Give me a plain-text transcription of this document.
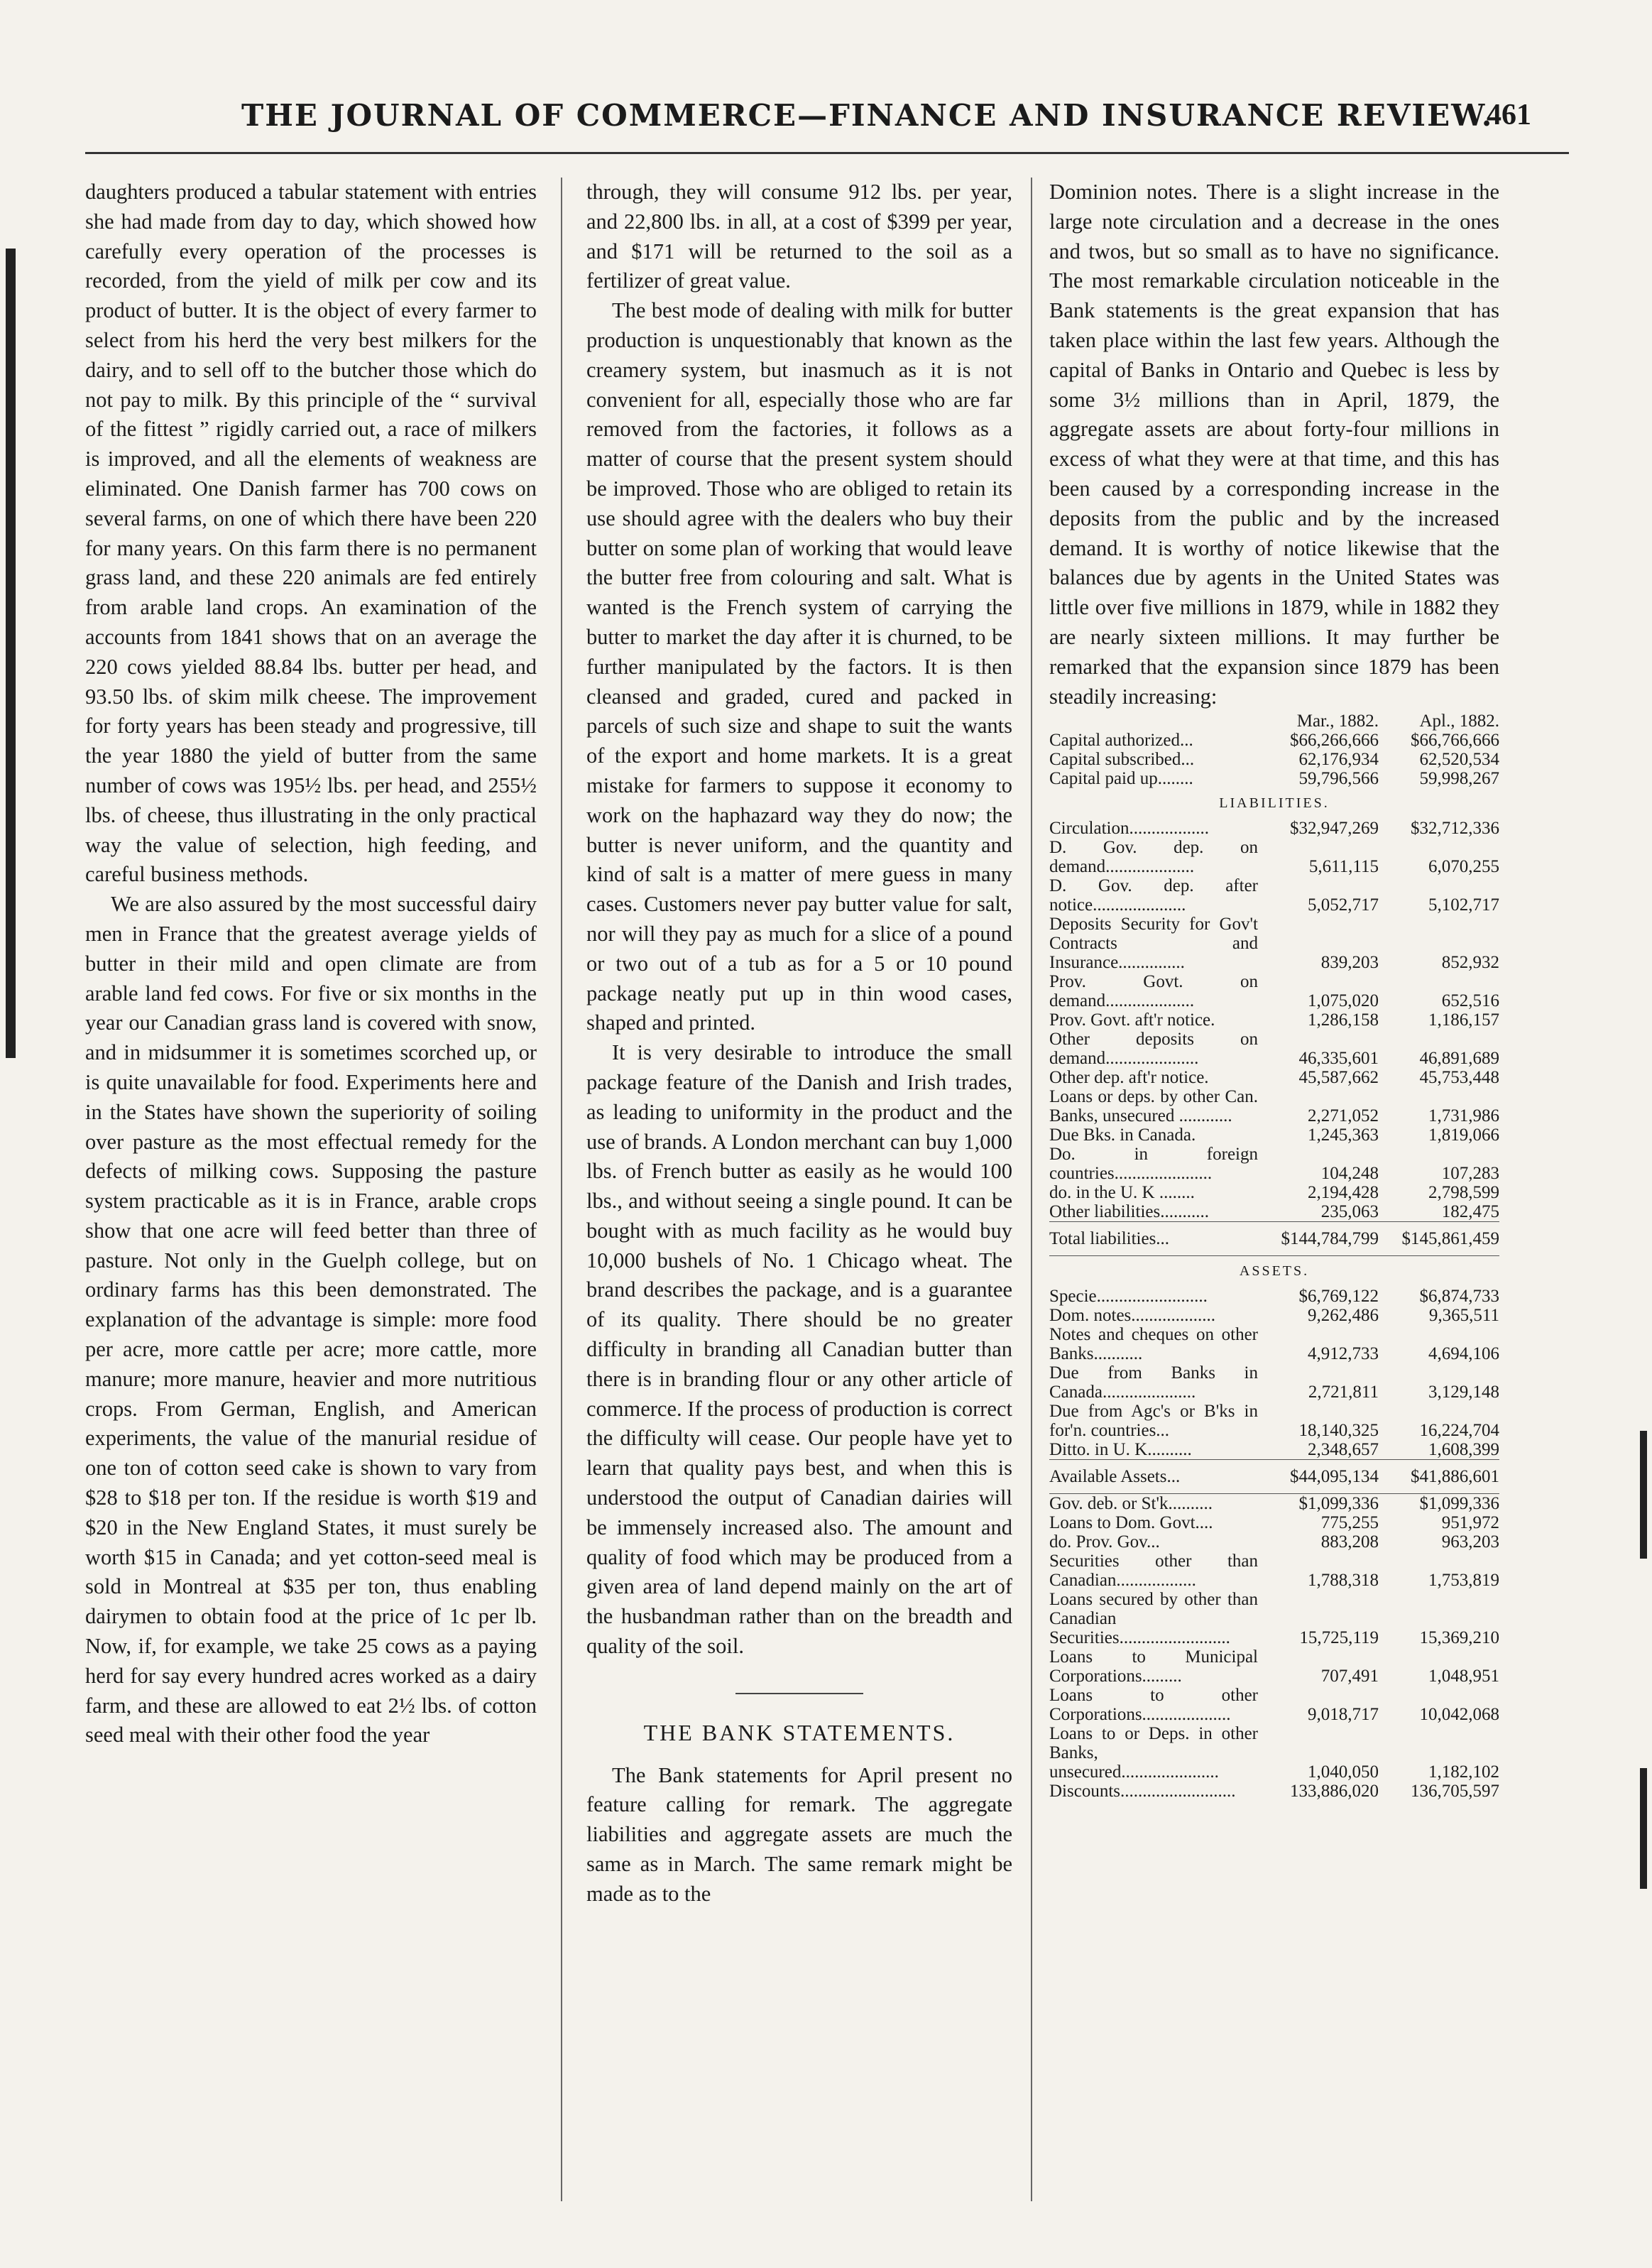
THE JOURNAL OF COMMERCE—FINANCE AND INSURANCE REVIEW.
461

daughters produced a tabular statement with entries she had made from day to day, which showed how carefully every operation of the processes is recorded, from the yield of milk per cow and its product of butter. It is the object of every farmer to select from his herd the very best milkers for the dairy, and to sell off to the butcher those which do not pay to milk. By this principle of the “ survival of the fittest ” rigidly carried out, a race of milkers is improved, and all the elements of weakness are eliminated. One Danish farmer has 700 cows on several farms, on one of which there have been 220 for many years. On this farm there is no permanent grass land, and these 220 animals are fed entirely from arable land crops. An examination of the accounts from 1841 shows that on an average the 220 cows yielded 88.84 lbs. butter per head, and 93.50 lbs. of skim milk cheese. The improvement for forty years has been steady and progressive, till the year 1880 the yield of butter from the same number of cows was 195½ lbs. per head, and 255½ lbs. of cheese, thus illustrating in the only practical way the value of selection, high feeding, and careful business methods.

We are also assured by the most successful dairy men in France that the greatest average yields of butter in their mild and open climate are from arable land fed cows. For five or six months in the year our Canadian grass land is covered with snow, and in midsummer it is sometimes scorched up, or is quite unavailable for food. Experiments here and in the States have shown the superiority of soiling over pasture as the most effectual remedy for the defects of milking cows. Supposing the pasture system practicable as it is in France, arable crops show that one acre will feed better than three of pasture. Not only in the Guelph college, but on ordinary farms has this been demonstrated. The explanation of the advantage is simple: more food per acre, more cattle per acre; more cattle, more manure; more manure, heavier and more nutritious crops. From German, English, and American experiments, the value of the manurial residue of one ton of cotton seed cake is shown to vary from $28 to $18 per ton. If the residue is worth $19 and $20 in the New England States, it must surely be worth $15 in Canada; and yet cotton-seed meal is sold in Montreal at $35 per ton, thus enabling dairymen to obtain food at the price of 1c per lb. Now, if, for example, we take 25 cows as a paying herd for say every hundred acres worked as a dairy farm, and these are allowed to eat 2½ lbs. of cotton seed meal with their other food the year

through, they will consume 912 lbs. per year, and 22,800 lbs. in all, at a cost of $399 per year, and $171 will be returned to the soil as a fertilizer of great value.

The best mode of dealing with milk for butter production is unquestionably that known as the creamery system, but inasmuch as it is not convenient for all, especially those who are far removed from the factories, it follows as a matter of course that the present system should be improved. Those who are obliged to retain its use should agree with the dealers who buy their butter on some plan of working that would leave the butter free from colouring and salt. What is wanted is the French system of carrying the butter to market the day after it is churned, to be further manipulated by the factors. It is then cleansed and graded, cured and packed in parcels of such size and shape to suit the wants of the export and home markets. It is a great mistake for farmers to suppose it economy to work on the haphazard way they do now; the butter is never uniform, and the quantity and kind of salt is a matter of mere guess in many cases. Customers never pay butter value for salt, nor will they pay as much for a slice of a pound or two out of a tub as for a 5 or 10 pound package neatly put up in thin wood cases, shaped and printed.

It is very desirable to introduce the small package feature of the Danish and Irish trades, as leading to uniformity in the product and the use of brands. A London merchant can buy 1,000 lbs. of French butter as easily as he would 100 lbs., and without seeing a single pound. It can be bought with as much facility as he would buy 10,000 bushels of No. 1 Chicago wheat. The brand describes the package, and is a guarantee of its quality. There should be no greater difficulty in branding all Canadian butter than there is in branding flour or any other article of commerce. If the process of production is correct the difficulty will cease. Our people have yet to learn that quality pays best, and when this is understood the output of Canadian dairies will be immensely increased also. The amount and quality of food which may be produced from a given area of land depend mainly on the art of the husbandman rather than on the breadth and quality of the soil.

THE BANK STATEMENTS.

The Bank statements for April present no feature calling for remark. The aggregate liabilities and aggregate assets are much the same as in March. The same remark might be made as to the

Dominion notes. There is a slight increase in the large note circulation and a decrease in the ones and twos, but so small as to have no significance. The most remarkable circulation noticeable in the Bank statements is the great expansion that has taken place within the last few years. Although the capital of Banks in Ontario and Quebec is less by some 3½ millions than in April, 1879, the aggregate assets are about forty-four millions in excess of what they were at that time, and this has been caused by a corresponding increase in the deposits from the public and by the increased demand. It is worthy of notice likewise that the balances due by agents in the United States was little over five millions in 1879, while in 1882 they are nearly sixteen millions. It may further be remarked that the expansion since 1879 has been steadily increasing:

	Mar., 1882.	Apl., 1882.
Capital authorized...	$66,266,666	$66,766,666
Capital subscribed...	62,176,934	62,520,534
Capital paid up........	59,796,566	59,998,267
LIABILITIES.		
Circulation..................	$32,947,269	$32,712,336
D. Gov. dep. on demand....................	5,611,115	6,070,255
D. Gov. dep. after notice.....................	5,052,717	5,102,717
Deposits Security for Gov't Contracts and Insurance...............	839,203	852,932
Prov. Govt. on demand....................	1,075,020	652,516
Prov. Govt. aft'r notice.	1,286,158	1,186,157
Other deposits on demand.....................	46,335,601	46,891,689
Other dep. aft'r notice.	45,587,662	45,753,448
Loans or deps. by other Can. Banks, unsecured ............	2,271,052	1,731,986
Due Bks. in Canada.	1,245,363	1,819,066
Do. in foreign countries......................	104,248	107,283
do. in the U. K ........	2,194,428	2,798,599
Other liabilities...........	235,063	182,475
Total liabilities...	$144,784,799	$145,861,459
ASSETS.		
Specie.........................	$6,769,122	$6,874,733
Dom. notes...................	9,262,486	9,365,511
Notes and cheques on other Banks...........	4,912,733	4,694,106
Due from Banks in Canada.....................	2,721,811	3,129,148
Due from Agc's or B'ks in for'n. countries...	18,140,325	16,224,704
Ditto. in U. K..........	2,348,657	1,608,399
Available Assets...	$44,095,134	$41,886,601
Gov. deb. or St'k..........	$1,099,336	$1,099,336
Loans to Dom. Govt....	775,255	951,972
do. Prov. Gov...	883,208	963,203
Securities other than Canadian..................	1,788,318	1,753,819
Loans secured by other than Canadian Securities.........................	15,725,119	15,369,210
Loans to Municipal Corporations.........	707,491	1,048,951
Loans to other Corporations....................	9,018,717	10,042,068
Loans to or Deps. in other Banks, unsecured......................	1,040,050	1,182,102
Discounts..........................	133,886,020	136,705,597
